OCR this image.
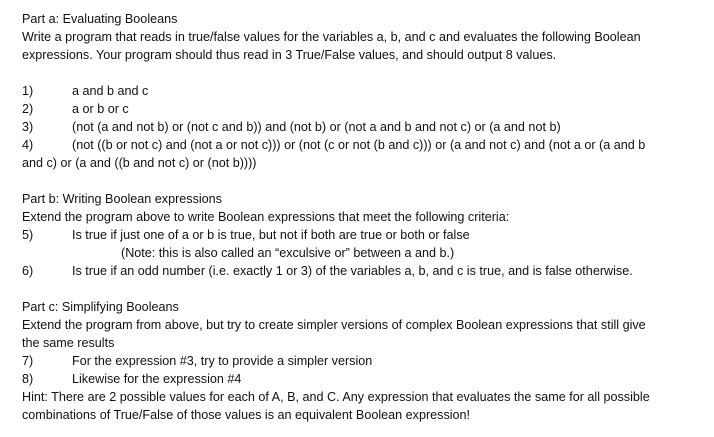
Part a: Evaluating Booleans
Write a program that reads in true/false values for the variables a, b, and c and evaluates the following Boolean
expressions. Your program should thus read in 3 True/False values, and should output 8 values.
1)	a and b and c
2)	a or b or c
3)	(not (a and not b) or (not c and b)) and (not b) or (not a and b and not c) or (a and not b)
4)	(not ((b or not c) and (not a or not c))) or (not (c or not (b and c))) or (a and not c) and (not a or (a and b
and c) or (a and ((b and not c) or (not b))))
Part b: Writing Boolean expressions
Extend the program above to write Boolean expressions that meet the following criteria:
5)	Is true if just one of a or b is true, but not if both are true or both or false
(Note: this is also called an “exculsive or” between a and b.)
6)	Is true if an odd number (i.e. exactly 1 or 3) of the variables a, b, and c is true, and is false otherwise.
Part c: Simplifying Booleans
Extend the program from above, but try to create simpler versions of complex Boolean expressions that still give
the same results
7)	For the expression #3, try to provide a simpler version
8)	Likewise for the expression #4
Hint: There are 2 possible values for each of A, B, and C. Any expression that evaluates the same for all possible
combinations of True/False of those values is an equivalent Boolean expression!
